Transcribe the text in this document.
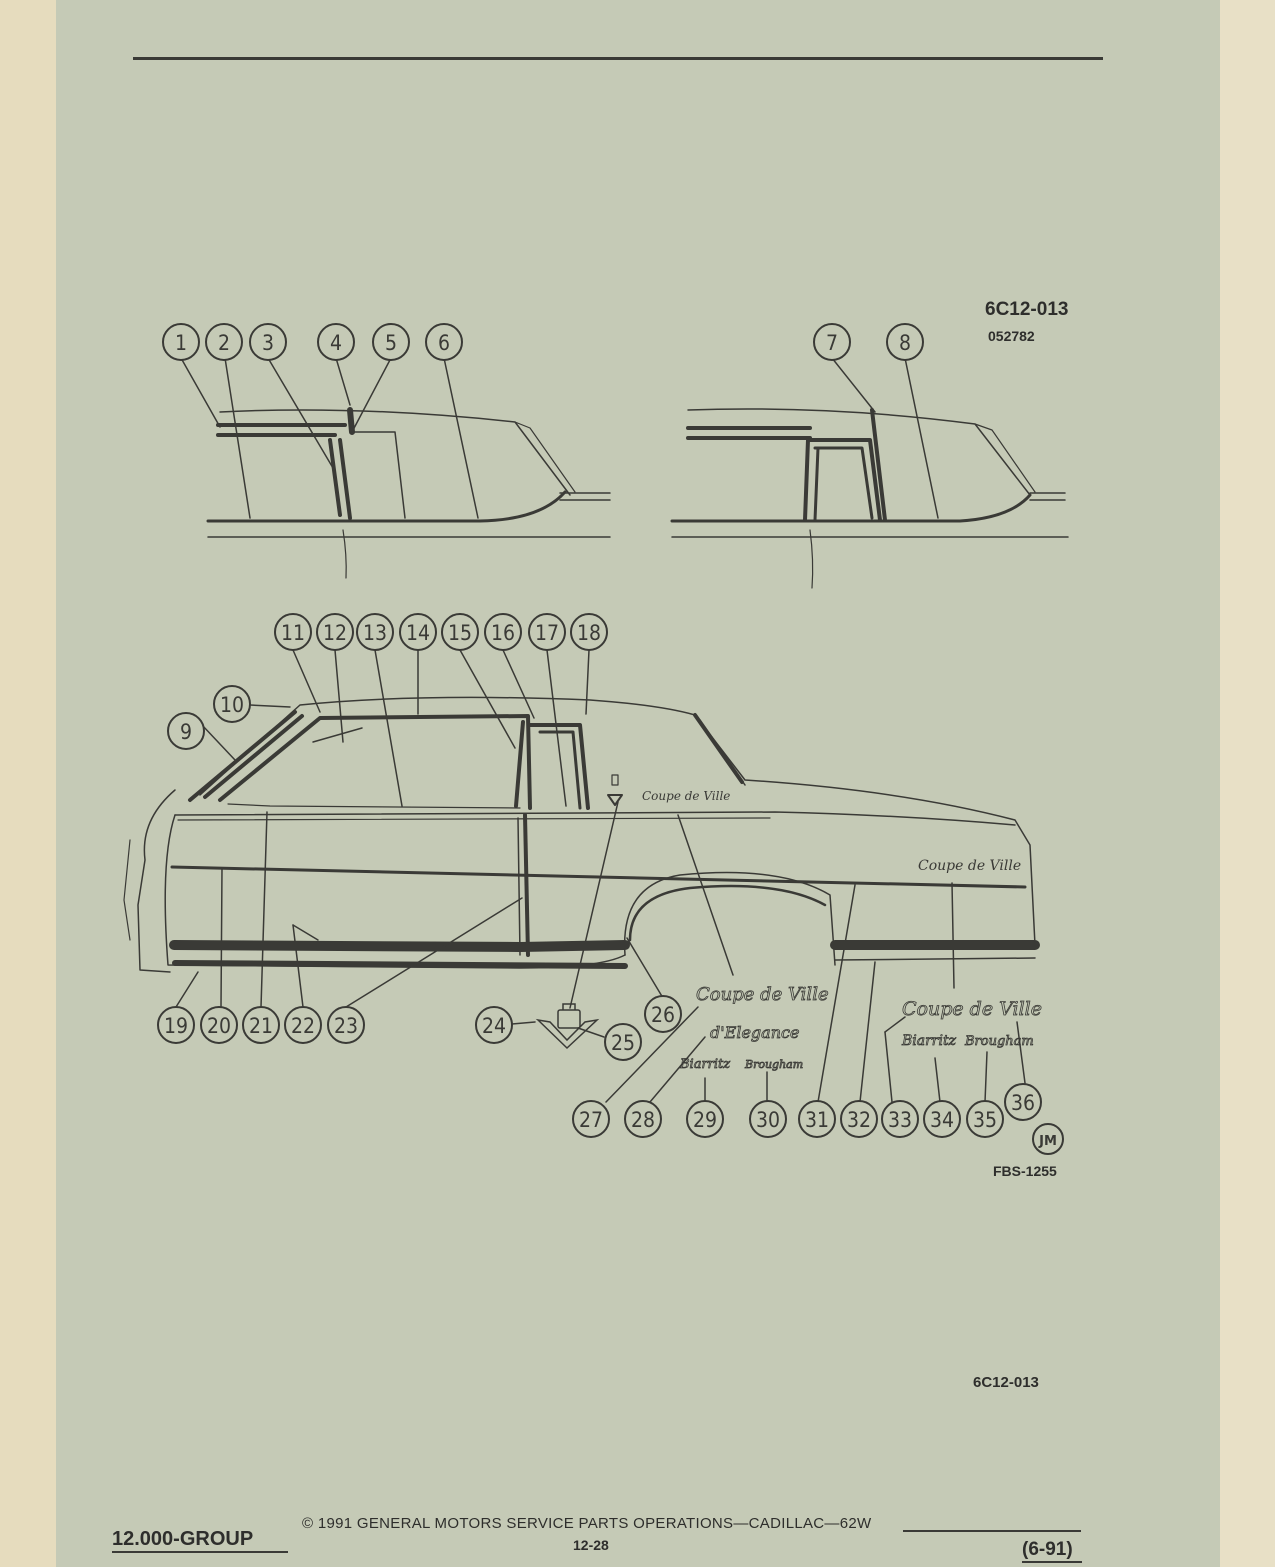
6C12-013
052782
Coupe de Ville
Coupe de Ville
Coupe de Ville
d'Elegance
Biarritz Brougham
Coupe de Ville
Biarritz Brougham
1 2 3	4 5 6	7	8
9
10
11 12 13 14 15 16 17 18
19 20 21 22 23	24
25
26
27 28 29 30 31 32 33 34 35
36
JM
FBS-1255
6C12-013
12.000-GROUP
© 1991 GENERAL MOTORS SERVICE PARTS OPERATIONS—CADILLAC—62W
12-28	(6-91)
